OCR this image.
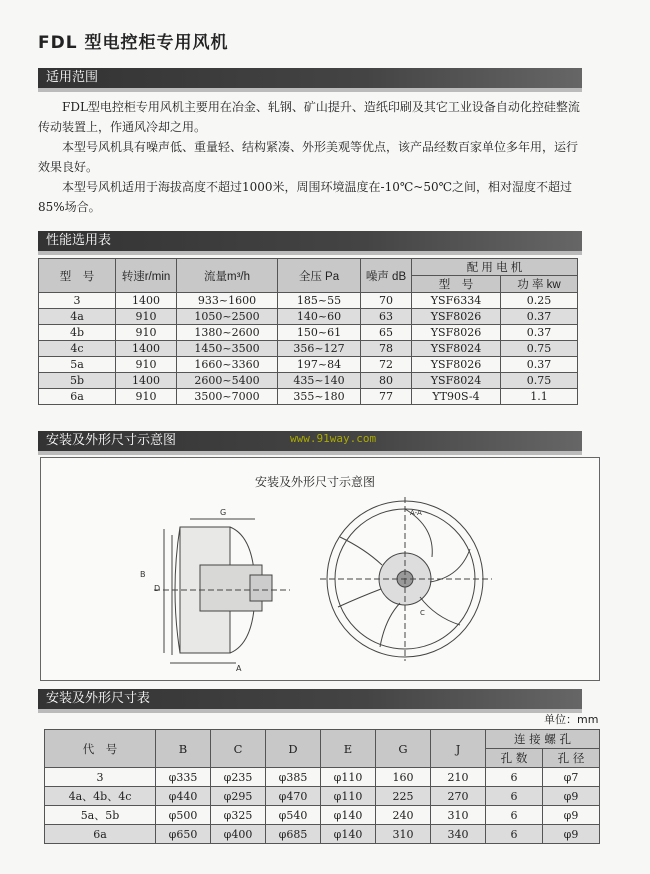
FDL 型电控柜专用风机
适用范围

FDL型电控柜专用风机主要用在冶金、轧钢、矿山提升、造纸印刷及其它工业设备自动化控硅整流传动装置上，作通风冷却之用。

本型号风机具有噪声低、重量轻、结构紧凑、外形美观等优点，该产品经数百家单位多年用，运行效果良好。

本型号风机适用于海拔高度不超过1000米，周围环境温度在-10℃~50℃之间，相对湿度不超过85%场合。

性能选用表
型　号	转速r/min	流量m³/h	全压 Pa	噪声 dB	配 用 电 机	
					型　号	功 率 kw
3	1400	933~1600	185~55	70	YSF6334	0.25
4a	910	1050~2500	140~60	63	YSF8026	0.37
4b	910	1380~2600	150~61	65	YSF8026	0.37
4c	1400	1450~3500	356~127	78	YSF8024	0.75
5a	910	1660~3360	197~84	72	YSF8026	0.37
5b	1400	2600~5400	435~140	80	YSF8024	0.75
6a	910	3500~7000	355~180	77	YT90S-4	1.1
安装及外形尺寸示意图	www.91way.com
安装及外形尺寸示意图
G
A
D
B
A-A
C
安装及外形尺寸表
单位：mm
代　号	B	C	D	E	G	J	连 接 螺 孔	
							孔 数	孔 径
3	φ335	φ235	φ385	φ110	160	210	6	φ7
4a、4b、4c	φ440	φ295	φ470	φ110	225	270	6	φ9
5a、5b	φ500	φ325	φ540	φ140	240	310	6	φ9
6a	φ650	φ400	φ685	φ140	310	340	6	φ9
